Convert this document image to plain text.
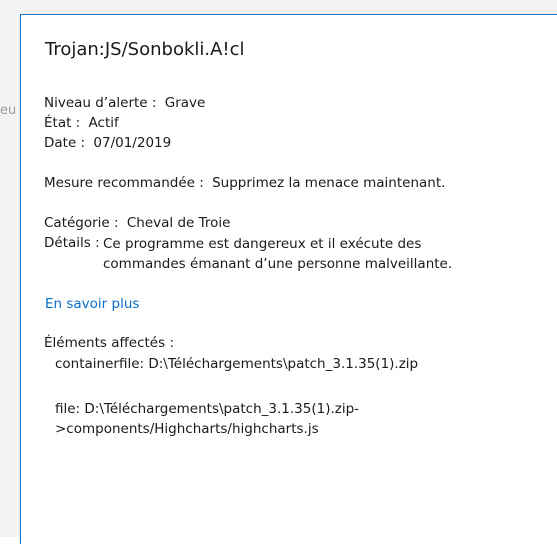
eu
Trojan:JS/Sonbokli.A!cl
Niveau d’alerte : Grave
État : Actif
Date : 07/01/2019
Mesure recommandée : Supprimez la menace maintenant.
Catégorie : Cheval de Troie
Détails : Ce programme est dangereux et il exécute des commandes émanant d’une personne malveillante.
En savoir plus
Éléments affectés :
containerfile: D:\Téléchargements\patch_3.1.35(1).zip
file: D:\Téléchargements\patch_3.1.35(1).zip->components/Highcharts/highcharts.js
